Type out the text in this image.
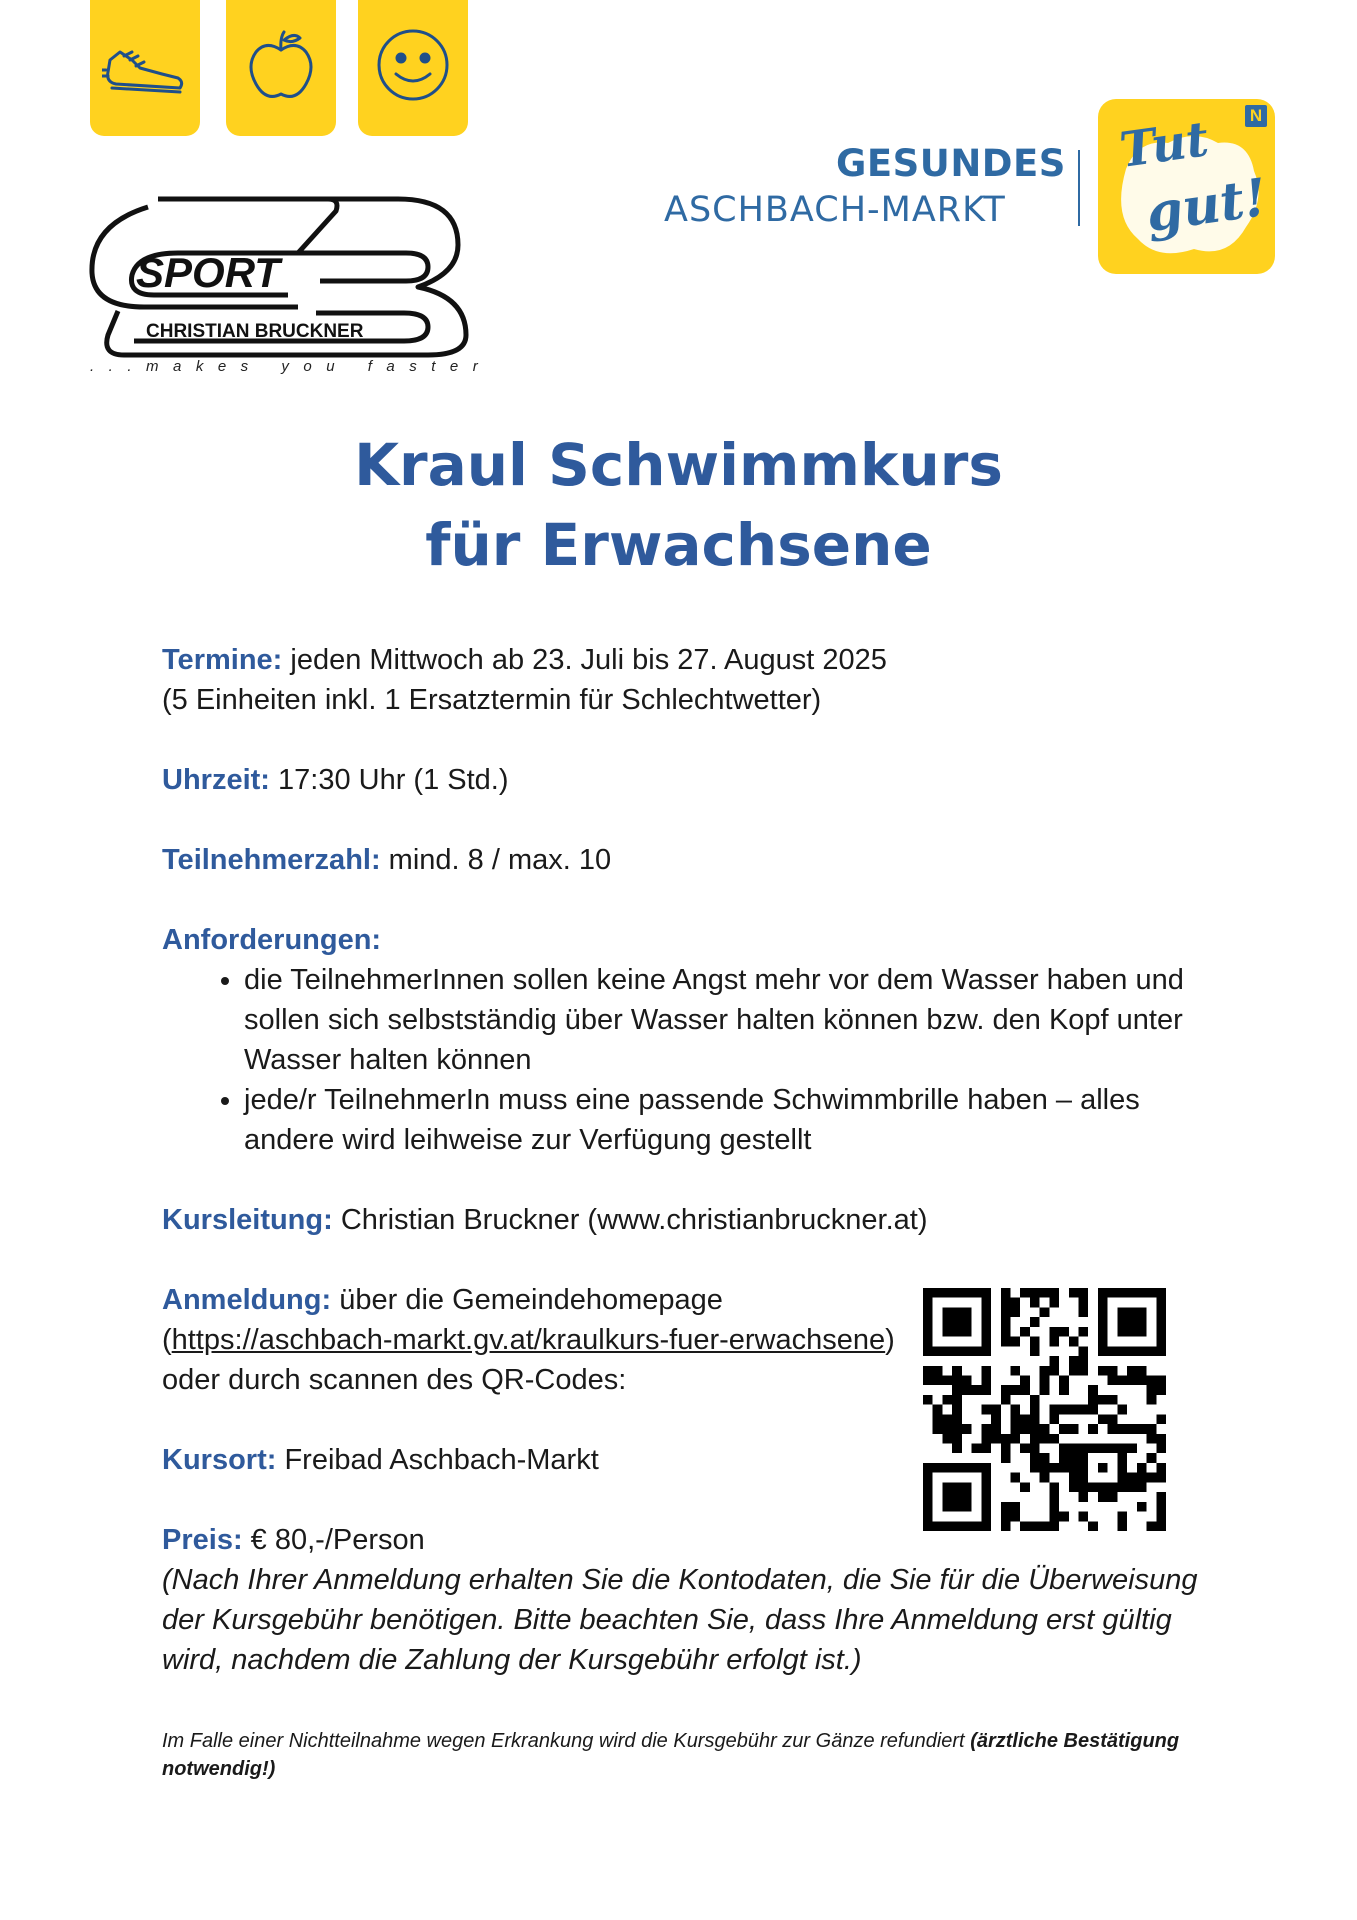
SPORT
CHRISTIAN BRUCKNER
...makes you faster
GESUNDES
ASCHBACH-MARKT
Tut
gut!
N
Kraul Schwimmkurs
für Erwachsene

Termine: jeden Mittwoch ab 23. Juli bis 27. August 2025
(5 Einheiten inkl. 1 Ersatztermin für Schlechtwetter)

Uhrzeit: 17:30 Uhr (1 Std.)

Teilnehmerzahl: mind. 8 / max. 10

Anforderungen:
• die TeilnehmerInnen sollen keine Angst mehr vor dem Wasser haben und sollen sich selbstständig über Wasser halten können bzw. den Kopf unter Wasser halten können
• jede/r TeilnehmerIn muss eine passende Schwimmbrille haben – alles andere wird leihweise zur Verfügung gestellt

Kursleitung: Christian Bruckner (www.christianbruckner.at)

Anmeldung: über die Gemeindehomepage
(https://aschbach-markt.gv.at/kraulkurs-fuer-erwachsene) oder durch scannen des QR-Codes:

Kursort: Freibad Aschbach-Markt

Preis: € 80,-/Person
(Nach Ihrer Anmeldung erhalten Sie die Kontodaten, die Sie für die Überweisung der Kursgebühr benötigen. Bitte beachten Sie, dass Ihre Anmeldung erst gültig wird, nachdem die Zahlung der Kursgebühr erfolgt ist.)

Im Falle einer Nichtteilnahme wegen Erkrankung wird die Kursgebühr zur Gänze refundiert (ärztliche Bestätigung notwendig!)
